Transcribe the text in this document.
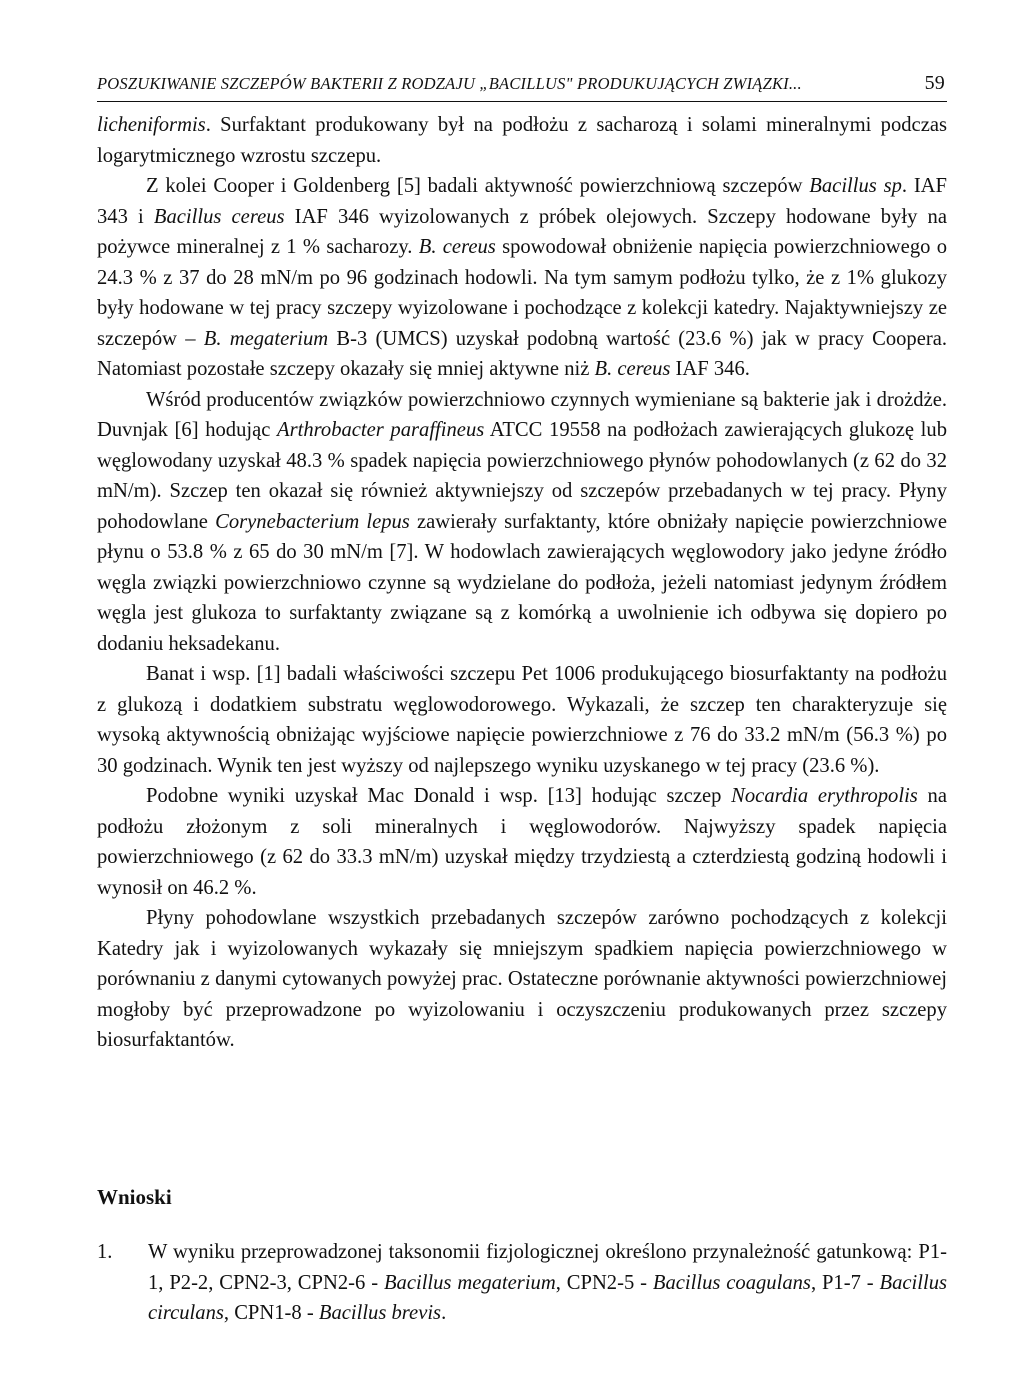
POSZUKIWANIE SZCZEPÓW BAKTERII Z RODZAJU „BACILLUS" PRODUKUJĄCYCH ZWIĄZKI...	59

licheniformis. Surfaktant produkowany był na podłożu z sacharozą i solami mineralnymi podczas logarytmicznego wzrostu szczepu.

Z kolei Cooper i Goldenberg [5] badali aktywność powierzchniową szczepów Bacillus sp. IAF 343 i Bacillus cereus IAF 346 wyizolowanych z próbek olejowych. Szczepy hodowane były na pożywce mineralnej z 1 % sacharozy. B. cereus spowodował obniżenie napięcia powierzchniowego o 24.3 % z 37 do 28 mN/m po 96 godzinach hodowli. Na tym samym podłożu tylko, że z 1% glukozy były hodowane w tej pracy szczepy wyizolowane i pochodzące z kolekcji katedry. Najaktywniejszy ze szczepów – B. megaterium B-3 (UMCS) uzyskał podobną wartość (23.6 %) jak w pracy Coopera. Natomiast pozostałe szczepy okazały się mniej aktywne niż B. cereus IAF 346.

Wśród producentów związków powierzchniowo czynnych wymieniane są bakterie jak i drożdże. Duvnjak [6] hodując Arthrobacter paraffineus ATCC 19558 na podłożach zawierających glukozę lub węglowodany uzyskał 48.3 % spadek napięcia powierzchniowego płynów pohodowlanych (z 62 do 32 mN/m). Szczep ten okazał się również aktywniejszy od szczepów przebadanych w tej pracy. Płyny pohodowlane Corynebacterium lepus zawierały surfaktanty, które obniżały napięcie powierzchniowe płynu o 53.8 % z 65 do 30 mN/m [7]. W hodowlach zawierających węglowodory jako jedyne źródło węgla związki powierzchniowo czynne są wydzielane do podłoża, jeżeli natomiast jedynym źródłem węgla jest glukoza to surfaktanty związane są z komórką a uwolnienie ich odbywa się dopiero po dodaniu heksadekanu.

Banat i wsp. [1] badali właściwości szczepu Pet 1006 produkującego biosurfaktanty na podłożu z glukozą i dodatkiem substratu węglowodorowego. Wykazali, że szczep ten charakteryzuje się wysoką aktywnością obniżając wyjściowe napięcie powierzchniowe z 76 do 33.2 mN/m (56.3 %) po 30 godzinach. Wynik ten jest wyższy od najlepszego wyniku uzyskanego w tej pracy (23.6 %).

Podobne wyniki uzyskał Mac Donald i wsp. [13] hodując szczep Nocardia erythropolis na podłożu złożonym z soli mineralnych i węglowodorów. Najwyższy spadek napięcia powierzchniowego (z 62 do 33.3 mN/m) uzyskał między trzydziestą a czterdziestą godziną hodowli i wynosił on 46.2 %.

Płyny pohodowlane wszystkich przebadanych szczepów zarówno pochodzących z kolekcji Katedry jak i wyizolowanych wykazały się mniejszym spadkiem napięcia powierzchniowego w porównaniu z danymi cytowanych powyżej prac. Ostateczne porównanie aktywności powierzchniowej mogłoby być przeprowadzone po wyizolowaniu i oczyszczeniu produkowanych przez szczepy biosurfaktantów.

Wnioski
1. W wyniku przeprowadzonej taksonomii fizjologicznej określono przynależność gatunkową: P1-1, P2-2, CPN2-3, CPN2-6 - Bacillus megaterium, CPN2-5 - Bacillus coagulans, P1-7 - Bacillus circulans, CPN1-8 - Bacillus brevis.
